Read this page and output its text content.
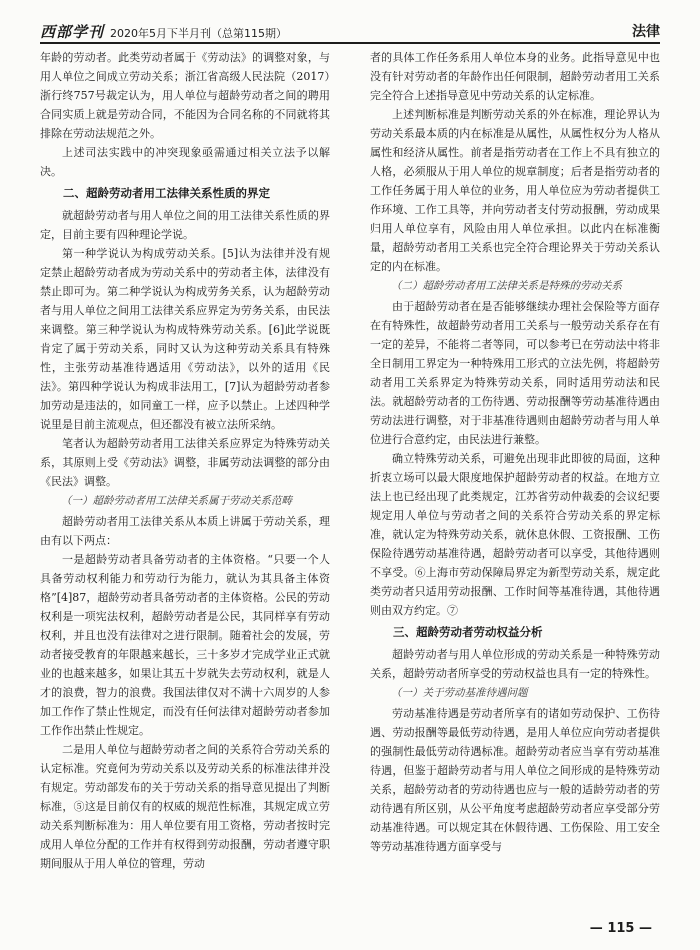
西部学刊 2020年5月下半月刊（总第115期）	法律

年龄的劳动者。此类劳动者属于《劳动法》的调整对象，与用人单位之间成立劳动关系；浙江省高级人民法院（2017）浙行终757号裁定认为，用人单位与超龄劳动者之间的聘用合同实质上就是劳动合同，不能因为合同名称的不同就将其排除在劳动法规范之外。

上述司法实践中的冲突现象亟需通过相关立法予以解决。

二、超龄劳动者用工法律关系性质的界定

就超龄劳动者与用人单位之间的用工法律关系性质的界定，目前主要有四种理论学说。

第一种学说认为构成劳动关系。[5]认为法律并没有规定禁止超龄劳动者成为劳动关系中的劳动者主体，法律没有禁止即可为。第二种学说认为构成劳务关系，认为超龄劳动者与用人单位之间用工法律关系应界定为劳务关系，由民法来调整。第三种学说认为构成特殊劳动关系。[6]此学说既肯定了属于劳动关系，同时又认为这种劳动关系具有特殊性，主张劳动基准待遇适用《劳动法》，以外的适用《民法》。第四种学说认为构成非法用工，[7]认为超龄劳动者参加劳动是违法的，如同童工一样，应予以禁止。上述四种学说里是目前主流观点，但还都没有被立法所采纳。

笔者认为超龄劳动者用工法律关系应界定为特殊劳动关系，其原则上受《劳动法》调整，非属劳动法调整的部分由《民法》调整。

（一）超龄劳动者用工法律关系属于劳动关系范畴

超龄劳动者用工法律关系从本质上讲属于劳动关系，理由有以下两点：

一是超龄劳动者具备劳动者的主体资格。“只要一个人具备劳动权利能力和劳动行为能力，就认为其具备主体资格”[4]87，超龄劳动者具备劳动者的主体资格。公民的劳动权利是一项宪法权利，超龄劳动者是公民，其同样享有劳动权利，并且也没有法律对之进行限制。随着社会的发展，劳动者接受教育的年限越来越长，三十多岁才完成学业正式就业的也越来越多，如果让其五十岁就失去劳动权利，就是人才的浪费，智力的浪费。我国法律仅对不满十六周岁的人参加工作作了禁止性规定，而没有任何法律对超龄劳动者参加工作作出禁止性规定。

二是用人单位与超龄劳动者之间的关系符合劳动关系的认定标准。究竟何为劳动关系以及劳动关系的标准法律并没有规定。劳动部发布的关于劳动关系的指导意见提出了判断标准，⑤这是目前仅有的权威的规范性标准，其规定成立劳动关系判断标准为：用人单位要有用工资格，劳动者按时完成用人单位分配的工作并有权得到劳动报酬，劳动者遵守职期间服从于用人单位的管理，劳动

者的具体工作任务系用人单位本身的业务。此指导意见中也没有针对劳动者的年龄作出任何限制，超龄劳动者用工关系完全符合上述指导意见中劳动关系的认定标准。

上述判断标准是判断劳动关系的外在标准，理论界认为劳动关系最本质的内在标准是从属性，从属性权分为人格从属性和经济从属性。前者是指劳动者在工作上不具有独立的人格，必须服从于用人单位的规章制度；后者是指劳动者的工作任务属于用人单位的业务，用人单位应为劳动者提供工作环境、工作工具等，并向劳动者支付劳动报酬，劳动成果归用人单位享有，风险由用人单位承担。以此内在标准衡量，超龄劳动者用工关系也完全符合理论界关于劳动关系认定的内在标准。

（二）超龄劳动者用工法律关系是特殊的劳动关系

由于超龄劳动者在是否能够继续办理社会保险等方面存在有特殊性，故超龄劳动者用工关系与一般劳动关系存在有一定的差异，不能将二者等同，可以参考已在劳动法中将非全日制用工界定为一种特殊用工形式的立法先例，将超龄劳动者用工关系界定为特殊劳动关系，同时适用劳动法和民法。就超龄劳动者的工伤待遇、劳动报酬等劳动基准待遇由劳动法进行调整，对于非基准待遇则由超龄劳动者与用人单位进行合意约定，由民法进行兼整。

确立特殊劳动关系，可避免出现非此即彼的局面，这种折衷立场可以最大限度地保护超龄劳动者的权益。在地方立法上也已经出现了此类规定，江苏省劳动仲裁委的会议纪要规定用人单位与劳动者之间的关系符合劳动关系的界定标准，就认定为特殊劳动关系，就休息休假、工资报酬、工伤保险待遇劳动基准待遇，超龄劳动者可以享受，其他待遇则不享受。⑥上海市劳动保障局界定为新型劳动关系，规定此类劳动者只适用劳动报酬、工作时间等基准待遇，其他待遇则由双方约定。⑦

三、超龄劳动者劳动权益分析

超龄劳动者与用人单位形成的劳动关系是一种特殊劳动关系，超龄劳动者所享受的劳动权益也具有一定的特殊性。

（一）关于劳动基准待遇问题

劳动基准待遇是劳动者所享有的诸如劳动保护、工伤待遇、劳动报酬等最低劳动待遇，是用人单位应向劳动者提供的强制性最低劳动待遇标准。超龄劳动者应当享有劳动基准待遇，但鉴于超龄劳动者与用人单位之间形成的是特殊劳动关系，超龄劳动者的劳动待遇也应与一般的适龄劳动者的劳动待遇有所区别，从公平角度考虑超龄劳动者应享受部分劳动基准待遇。可以规定其在休假待遇、工伤保险、用工安全等劳动基准待遇方面享受与

— 115 —
